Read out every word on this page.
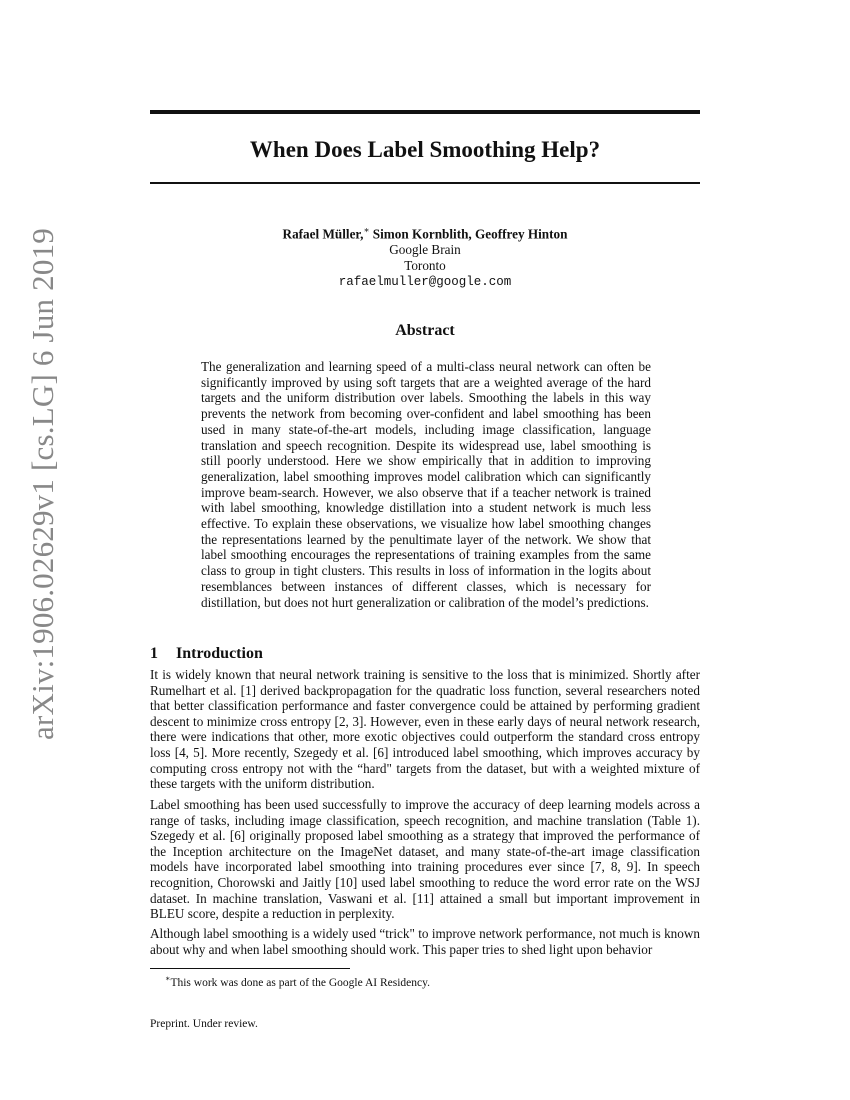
When Does Label Smoothing Help?
arXiv:1906.02629v1 [cs.LG] 6 Jun 2019	Rafael Müller,∗ Simon Kornblith, Geoffrey Hinton
Google Brain
Toronto
rafaelmuller@google.com
Abstract

The generalization and learning speed of a multi-class neural network can often be significantly improved by using soft targets that are a weighted average of the hard targets and the uniform distribution over labels. Smoothing the labels in this way prevents the network from becoming over-confident and label smoothing has been used in many state-of-the-art models, including image classification, language translation and speech recognition. Despite its widespread use, label smoothing is still poorly understood. Here we show empirically that in addition to improving generalization, label smoothing improves model calibration which can significantly improve beam-search. However, we also observe that if a teacher network is trained with label smoothing, knowledge distillation into a student network is much less effective. To explain these observations, we visualize how label smoothing changes the representations learned by the penultimate layer of the network. We show that label smoothing encourages the representations of training examples from the same class to group in tight clusters. This results in loss of information in the logits about resemblances between instances of different classes, which is necessary for distillation, but does not hurt generalization or calibration of the model’s predictions.

1 Introduction

It is widely known that neural network training is sensitive to the loss that is minimized. Shortly after Rumelhart et al. [1] derived backpropagation for the quadratic loss function, several researchers noted that better classification performance and faster convergence could be attained by performing gradient descent to minimize cross entropy [2, 3]. However, even in these early days of neural network research, there were indications that other, more exotic objectives could outperform the standard cross entropy loss [4, 5]. More recently, Szegedy et al. [6] introduced label smoothing, which improves accuracy by computing cross entropy not with the “hard" targets from the dataset, but with a weighted mixture of these targets with the uniform distribution.

Label smoothing has been used successfully to improve the accuracy of deep learning models across a range of tasks, including image classification, speech recognition, and machine translation (Table 1). Szegedy et al. [6] originally proposed label smoothing as a strategy that improved the performance of the Inception architecture on the ImageNet dataset, and many state-of-the-art image classification models have incorporated label smoothing into training procedures ever since [7, 8, 9]. In speech recognition, Chorowski and Jaitly [10] used label smoothing to reduce the word error rate on the WSJ dataset. In machine translation, Vaswani et al. [11] attained a small but important improvement in BLEU score, despite a reduction in perplexity.

Although label smoothing is a widely used “trick" to improve network performance, not much is known about why and when label smoothing should work. This paper tries to shed light upon behavior

∗This work was done as part of the Google AI Residency.
Preprint. Under review.
